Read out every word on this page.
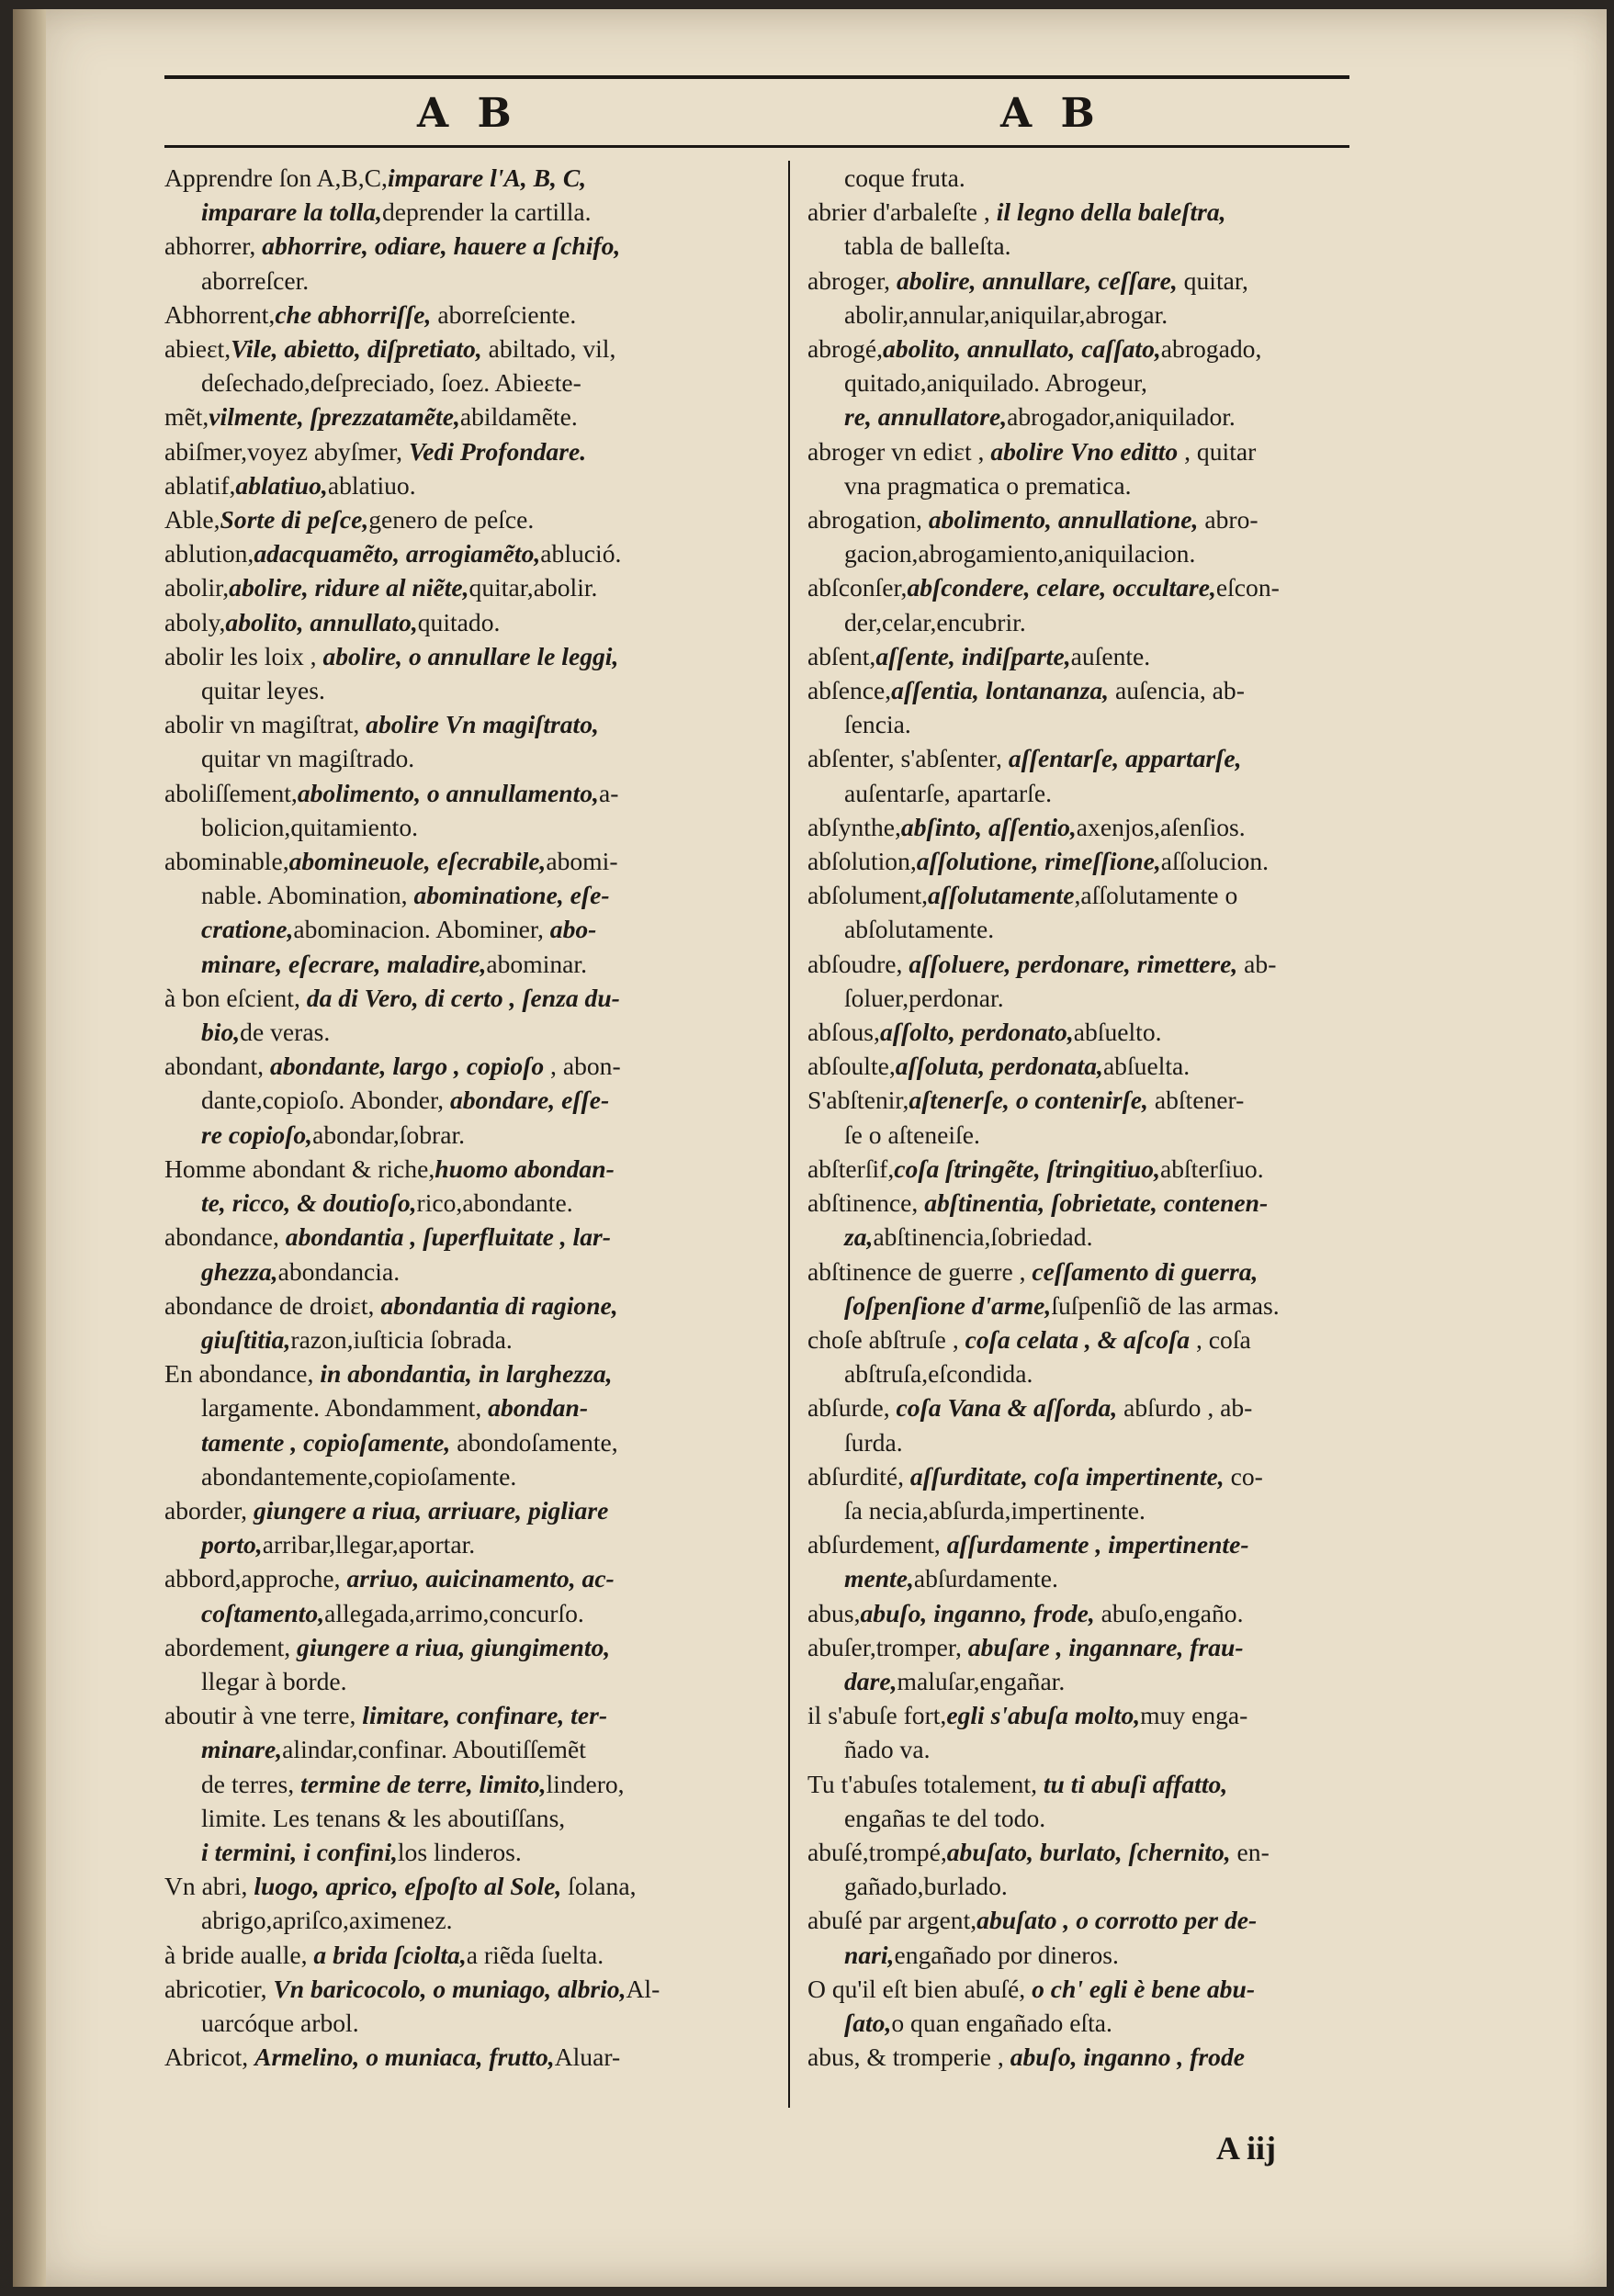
A B	A B
Apprendre ſon A,B,C,imparare l'A, B, C,
imparare la tolla,deprender la cartilla.
abhorrer, abhorrire, odiare, hauere a ſchifo,
aborreſcer.
Abhorrent,che abhorriſſe, aborreſciente.
abieɛt,Vile, abietto, diſpretiato, abiltado, vil,
deſechado,deſpreciado, ſoez. Abieɛte-
mẽt,vilmente, ſprezzatamẽte,abildamẽte.
abiſmer,voyez abyſmer, Vedi Profondare.
ablatif,ablatiuo,ablatiuo.
Able,Sorte di peſce,genero de peſce.
ablution,adacquamẽto, arrogiamẽto,ablució.
abolir,abolire, ridure al niẽte,quitar,abolir.
aboly,abolito, annullato,quitado.
abolir les loix , abolire, o annullare le leggi,
quitar leyes.
abolir vn magiſtrat, abolire Vn magiſtrato,
quitar vn magiſtrado.
aboliſſement,abolimento, o annullamento,a-
bolicion,quitamiento.
abominable,abomineuole, eſecrabile,abomi-
nable. Abomination, abominatione, eſe-
cratione,abominacion. Abominer, abo-
minare, eſecrare, maladire,abominar.
à bon eſcient, da di Vero, di certo , ſenza du-
bio,de veras.
abondant, abondante, largo , copioſo , abon-
dante,copioſo. Abonder, abondare, eſſe-
re copioſo,abondar,ſobrar.
Homme abondant & riche,huomo abondan-
te, ricco, & doutioſo,rico,abondante.
abondance, abondantia , ſuperfluitate , lar-
ghezza,abondancia.
abondance de droiɛt, abondantia di ragione,
giuſtitia,razon,iuſticia ſobrada.
En abondance, in abondantia, in larghezza,
largamente. Abondamment, abondan-
tamente , copioſamente, abondoſamente,
abondantemente,copioſamente.
aborder, giungere a riua, arriuare, pigliare
porto,arribar,llegar,aportar.
abbord,approche, arriuo, auicinamento, ac-
coſtamento,allegada,arrimo,concurſo.
abordement, giungere a riua, giungimento,
llegar à borde.
aboutir à vne terre, limitare, confinare, ter-
minare,alindar,confinar. Aboutiſſemẽt
de terres, termine de terre, limito,lindero,
limite. Les tenans & les aboutiſſans,
i termini, i confini,los linderos.
Vn abri, luogo, aprico, eſpoſto al Sole, ſolana,
abrigo,apriſco,aximenez.
à bride aualle, a brida ſciolta,a riẽda ſuelta.
abricotier, Vn baricocolo, o muniago, albrio,Al-
uarcóque arbol.
Abricot, Armelino, o muniaca, frutto,Aluar-
coque fruta.
abrier d'arbaleſte , il legno della baleſtra,
tabla de balleſta.
abroger, abolire, annullare, ceſſare, quitar,
abolir,annular,aniquilar,abrogar.
abrogé,abolito, annullato, caſſato,abrogado,
quitado,aniquilado. Abrogeur,
re, annullatore,abrogador,aniquilador.
abroger vn ediɛt , abolire Vno editto , quitar
vna pragmatica o prematica.
abrogation, abolimento, annullatione, abro-
gacion,abrogamiento,aniquilacion.
abſconſer,abſcondere, celare, occultare,eſcon-
der,celar,encubrir.
abſent,aſſente, indiſparte,auſente.
abſence,aſſentia, lontananza, auſencia, ab-
ſencia.
abſenter, s'abſenter, aſſentarſe, appartarſe,
auſentarſe, apartarſe.
abſynthe,abſinto, aſſentio,axenjos,aſenſios.
abſolution,aſſolutione, rimeſſione,aſſolucion.
abſolument,aſſolutamente,aſſolutamente o
abſolutamente.
abſoudre, aſſoluere, perdonare, rimettere, ab-
ſoluer,perdonar.
abſous,aſſolto, perdonato,abſuelto.
abſoulte,aſſoluta, perdonata,abſuelta.
S'abſtenir,aſtenerſe, o contenirſe, abſtener-
ſe o aſteneiſe.
abſterſif,coſa ſtringẽte, ſtringitiuo,abſterſiuo.
abſtinence, abſtinentia, ſobrietate, contenen-
za,abſtinencia,ſobriedad.
abſtinence de guerre , ceſſamento di guerra,
ſoſpenſione d'arme,ſuſpenſiõ de las armas.
choſe abſtruſe , coſa celata , & aſcoſa , coſa
abſtruſa,eſcondida.
abſurde, coſa Vana & aſſorda, abſurdo , ab-
ſurda.
abſurdité, aſſurditate, coſa impertinente, co-
ſa necia,abſurda,impertinente.
abſurdement, aſſurdamente , impertinente-
mente,abſurdamente.
abus,abuſo, inganno, frode, abuſo,engaño.
abuſer,tromper, abuſare , ingannare, frau-
dare,maluſar,engañar.
il s'abuſe fort,egli s'abuſa molto,muy enga-
ñado va.
Tu t'abuſes totalement, tu ti abuſi affatto,
engañas te del todo.
abuſé,trompé,abuſato, burlato, ſchernito, en-
gañado,burlado.
abuſé par argent,abuſato , o corrotto per de-
nari,engañado por dineros.
O qu'il eſt bien abuſé, o ch' egli è bene abu-
ſato,o quan engañado eſta.
abus, & tromperie , abuſo, inganno , frode
A iij
